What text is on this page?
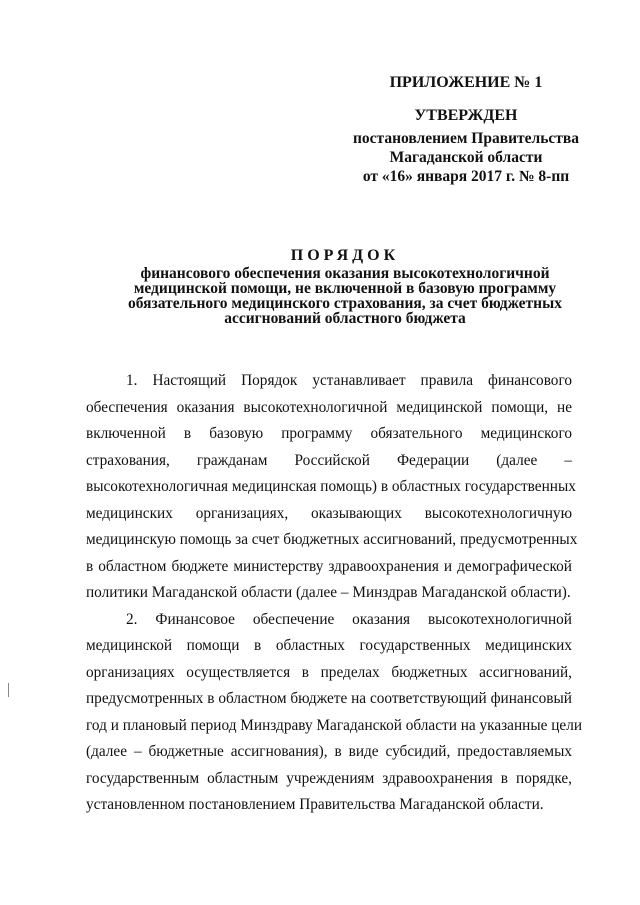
ПРИЛОЖЕНИЕ № 1
УТВЕРЖДЕН
постановлением Правительства
Магаданской области
от «16» января 2017 г. № 8-пп
ПОРЯДОК
финансового обеспечения оказания высокотехнологичной
медицинской помощи, не включенной в базовую программу
обязательного медицинского страхования, за счет бюджетных
ассигнований областного бюджета
1. Настоящий Порядок устанавливает правила финансового
обеспечения оказания высокотехнологичной медицинской помощи, не
включенной в базовую программу обязательного медицинского
страхования, гражданам Российской Федерации (далее –
высокотехнологичная медицинская помощь) в областных государственных
медицинских организациях, оказывающих высокотехнологичную
медицинскую помощь за счет бюджетных ассигнований, предусмотренных
в областном бюджете министерству здравоохранения и демографической
политики Магаданской области (далее – Минздрав Магаданской области).
2. Финансовое обеспечение оказания высокотехнологичной
медицинской помощи в областных государственных медицинских
организациях осуществляется в пределах бюджетных ассигнований,
предусмотренных в областном бюджете на соответствующий финансовый
год и плановый период Минздраву Магаданской области на указанные цели
(далее – бюджетные ассигнования), в виде субсидий, предоставляемых
государственным областным учреждениям здравоохранения в порядке,
установленном постановлением Правительства Магаданской области.
